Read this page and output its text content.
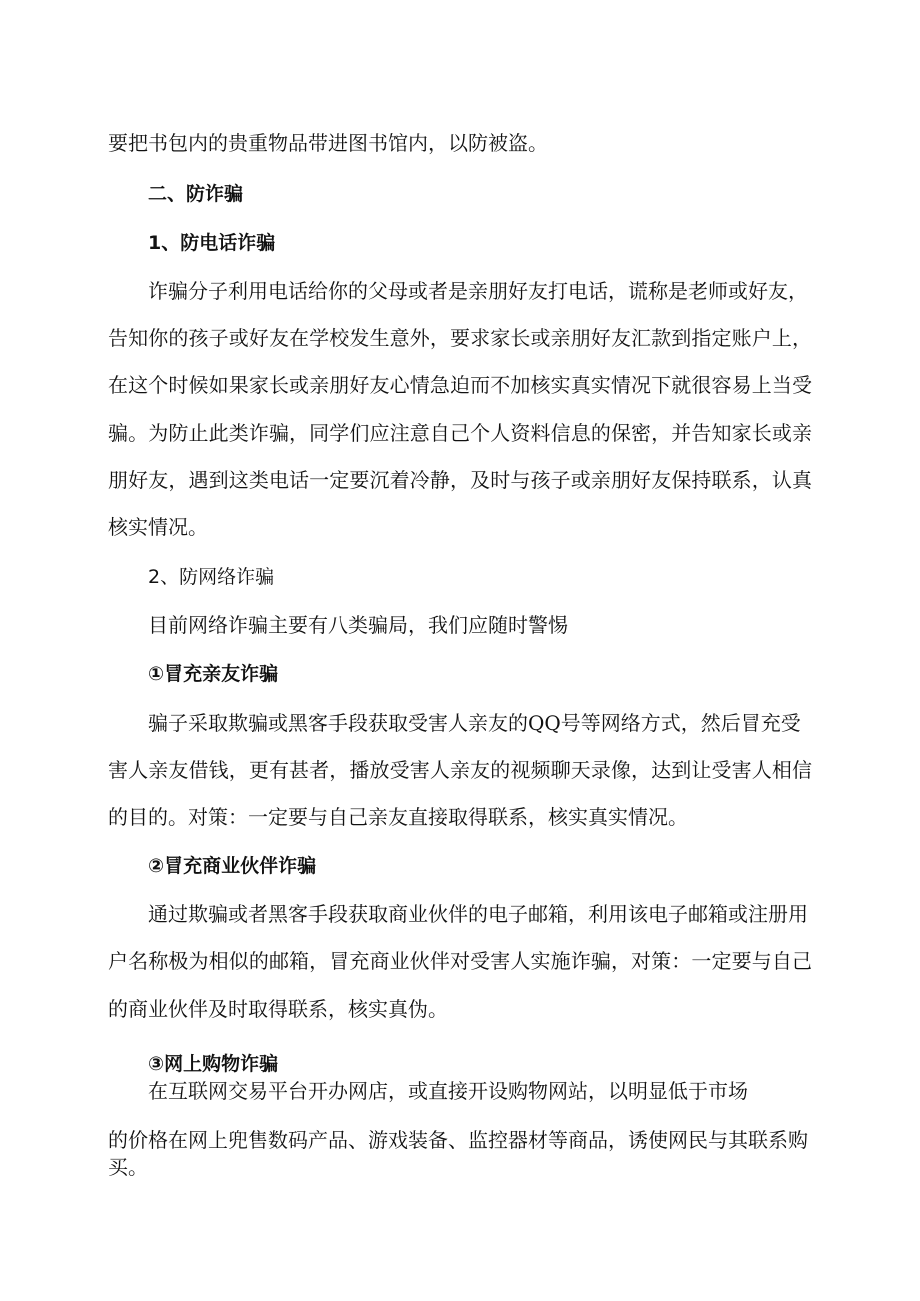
要把书包内的贵重物品带进图书馆内，以防被盗。
二、防诈骗
1、防电话诈骗
诈骗分子利用电话给你的父母或者是亲朋好友打电话，谎称是老师或好友，
告知你的孩子或好友在学校发生意外，要求家长或亲朋好友汇款到指定账户上，
在这个时候如果家长或亲朋好友心情急迫而不加核实真实情况下就很容易上当受
骗。为防止此类诈骗，同学们应注意自己个人资料信息的保密，并告知家长或亲
朋好友，遇到这类电话一定要沉着冷静，及时与孩子或亲朋好友保持联系，认真
核实情况。
2、防网络诈骗
目前网络诈骗主要有八类骗局，我们应随时警惕
①冒充亲友诈骗
骗子采取欺骗或黑客手段获取受害人亲友的QQ号等网络方式，然后冒充受
害人亲友借钱，更有甚者，播放受害人亲友的视频聊天录像，达到让受害人相信
的目的。对策：一定要与自己亲友直接取得联系，核实真实情况。
②冒充商业伙伴诈骗
通过欺骗或者黑客手段获取商业伙伴的电子邮箱，利用该电子邮箱或注册用
户名称极为相似的邮箱，冒充商业伙伴对受害人实施诈骗，对策：一定要与自己
的商业伙伴及时取得联系，核实真伪。
③网上购物诈骗
在互联网交易平台开办网店，或直接开设购物网站，以明显低于市场
的价格在网上兜售数码产品、游戏装备、监控器材等商品，诱使网民与其联系购
买。
